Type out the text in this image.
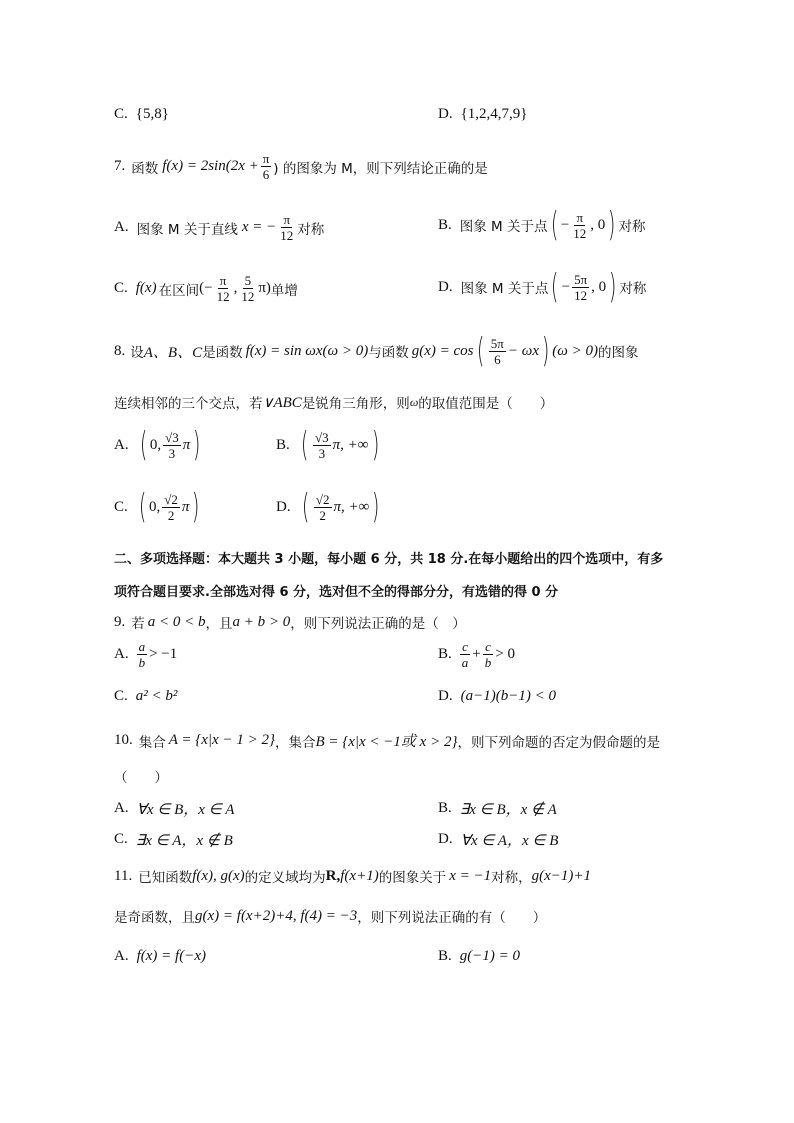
C. {5,8}	D. {1,2,4,7,9}
7. 函数 $f(x) = 2\sin(2x + \frac{\pi}{6}$ ) 的图象为 M，则下列结论正确的是
A. 图象 M 关于直线 x = − $\frac{\pi}{12}$ 对称	B. 图象 M 关于点 ( − $\frac{\pi}{12}$ , 0 ) 对称
C. f(x) 在区间 (− $\frac{\pi}{12}$ , $\frac{5}{12} \pi$) 单增	D. 图象 M 关于点 ( − $\frac{5\pi}{12}$ , 0 ) 对称
8. 设 A、B、C 是函数 f(x) = sin ωx(ω > 0) 与函数 g(x) = cos ( $\frac{5\pi}{6} - \omega x$ ) (ω > 0) 的图象
连续相邻的三个交点，若 ∨ABC 是锐角三角形，则 ω 的取值范围是（　　）
A. ( 0, $\frac{√3}{3}$ π )	B. ( $\frac{√3}{3} \pi$, +∞ )
C. ( 0, $\frac{√2}{2}$ π )	D. ( $\frac{√2}{2} \pi$, +∞ )
二、多项选择题：本大题共 3 小题，每小题 6 分，共 18 分.在每小题给出的四个选项中，有多
项符合题目要求.全部选对得 6 分，选对但不全的得部分分，有选错的得 0 分
9. 若 a < 0 < b ，且 a + b > 0 ，则下列说法正确的是（　）
A. $\frac{a}{b} > -1$	B. $\frac{c}{a} + \frac{c}{b} > 0$
C. a² < b²	D. (a−1)(b−1) < 0
10. 集合 A = {x|x − 1 > 2} ，集合 B = {x|x < −1或 x > 2} ，则下列命题的否定为假命题的是
（　　）
A. ∀x ∈ B，x ∈ A	B. ∃x ∈ B，x ∉ A
C. ∃x ∈ A，x ∉ B	D. ∀x ∈ A，x ∈ B
11. 已知函数 f(x), g(x) 的定义域均为 R, f(x+1) 的图象关于 x = −1 对称， g(x−1)+1
是奇函数，且 g(x) = f(x+2)+4, f(4) = −3 ，则下列说法正确的有（　　）
A. f(x) = f(−x)	B. g(−1) = 0
